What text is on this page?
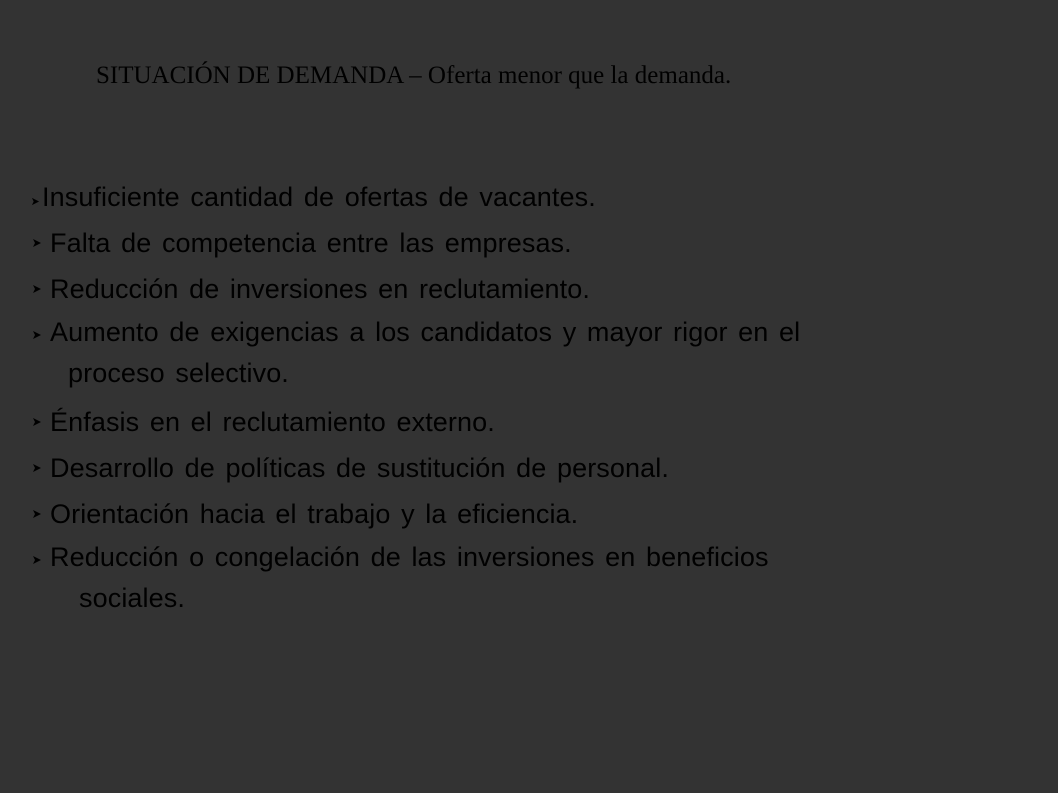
SITUACIÓN DE DEMANDA – Oferta menor que la demanda.
Insuficiente cantidad de ofertas de vacantes.
Falta de competencia entre las empresas.
Reducción de inversiones en reclutamiento.
Aumento de exigencias a los candidatos y mayor rigor en el
proceso selectivo.
Énfasis en el reclutamiento externo.
Desarrollo de políticas de sustitución de personal.
Orientación hacia el trabajo y la eficiencia.
Reducción o congelación de las inversiones en beneficios
sociales.
